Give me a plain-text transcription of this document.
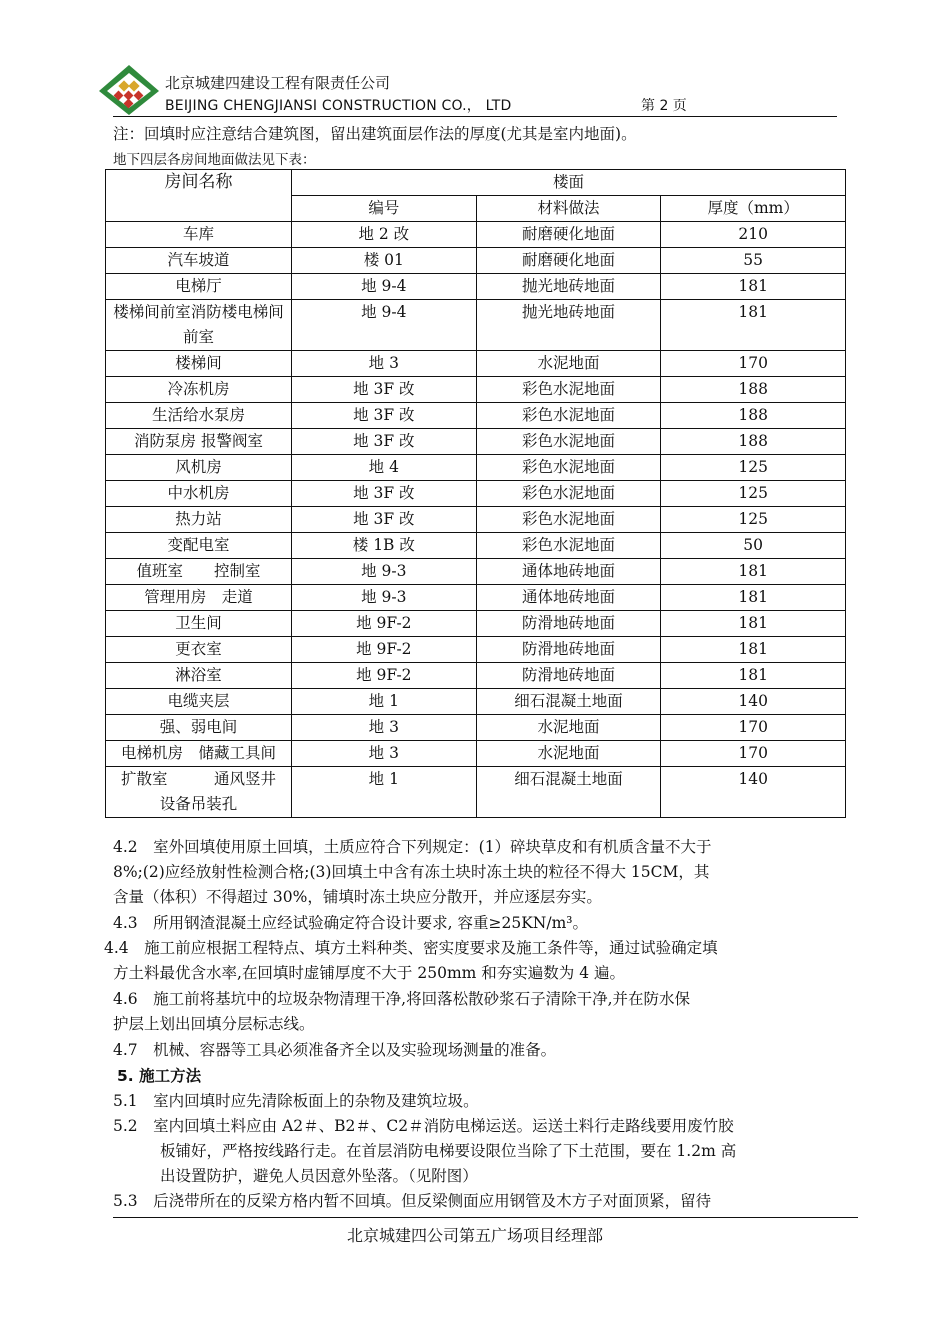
北京城建四建设工程有限责任公司
BEIJING CHENGJIANSI CONSTRUCTION CO.， LTD	第 2 页
注：回填时应注意结合建筑图，留出建筑面层作法的厚度(尤其是室内地面)。
地下四层各房间地面做法见下表：
房间名称	楼面		
	编号	材料做法	厚度（mm）

车库	地 2 改	耐磨硬化地面	210

汽车坡道	楼 01	耐磨硬化地面	55

电梯厅	地 9-4	抛光地砖地面	181

楼梯间前室消防楼电梯间前室	地 9-4	抛光地砖地面	181

楼梯间	地 3	水泥地面	170

冷冻机房	地 3F 改	彩色水泥地面	188

生活给水泵房	地 3F 改	彩色水泥地面	188

消防泵房 报警阀室	地 3F 改	彩色水泥地面	188

风机房	地 4	彩色水泥地面	125

中水机房	地 3F 改	彩色水泥地面	125

热力站	地 3F 改	彩色水泥地面	125

变配电室	楼 1B 改	彩色水泥地面	50

值班室　　控制室	地 9-3	通体地砖地面	181

管理用房　走道	地 9-3	通体地砖地面	181

卫生间	地 9F-2	防滑地砖地面	181

更衣室	地 9F-2	防滑地砖地面	181

淋浴室	地 9F-2	防滑地砖地面	181

电缆夹层	地 1	细石混凝土地面	140

强、弱电间	地 3	水泥地面	170

电梯机房　储藏工具间	地 3	水泥地面	170

扩散室　　　通风竖井　设备吊装孔	地 1	细石混凝土地面	140
4.2　室外回填使用原土回填，土质应符合下列规定：(1）碎块草皮和有机质含量不大于
8%;(2)应经放射性检测合格;(3)回填土中含有冻土块时冻土块的粒径不得大 15CM，其
含量（体积）不得超过 30%，铺填时冻土块应分散开，并应逐层夯实。
4.3　所用钢渣混凝土应经试验确定符合设计要求, 容重≥25KN/m³。
4.4　施工前应根据工程特点、填方土料种类、密实度要求及施工条件等，通过试验确定填
方土料最优含水率,在回填时虚铺厚度不大于 250mm 和夯实遍数为 4 遍。
4.6　施工前将基坑中的垃圾杂物清理干净,将回落松散砂浆石子清除干净,并在防水保
护层上划出回填分层标志线。
4.7　机械、容器等工具必须准备齐全以及实验现场测量的准备。
5. 施工方法
5.1　室内回填时应先清除板面上的杂物及建筑垃圾。
5.2　室内回填土料应由 A2＃、B2＃、C2＃消防电梯运送。运送土料行走路线要用废竹胶
板铺好，严格按线路行走。在首层消防电梯要设限位当除了下土范围，要在 1.2m 高
出设置防护，避免人员因意外坠落。（见附图）
5.3　后浇带所在的反梁方格内暂不回填。但反梁侧面应用钢管及木方子对面顶紧，留待
北京城建四公司第五广场项目经理部
